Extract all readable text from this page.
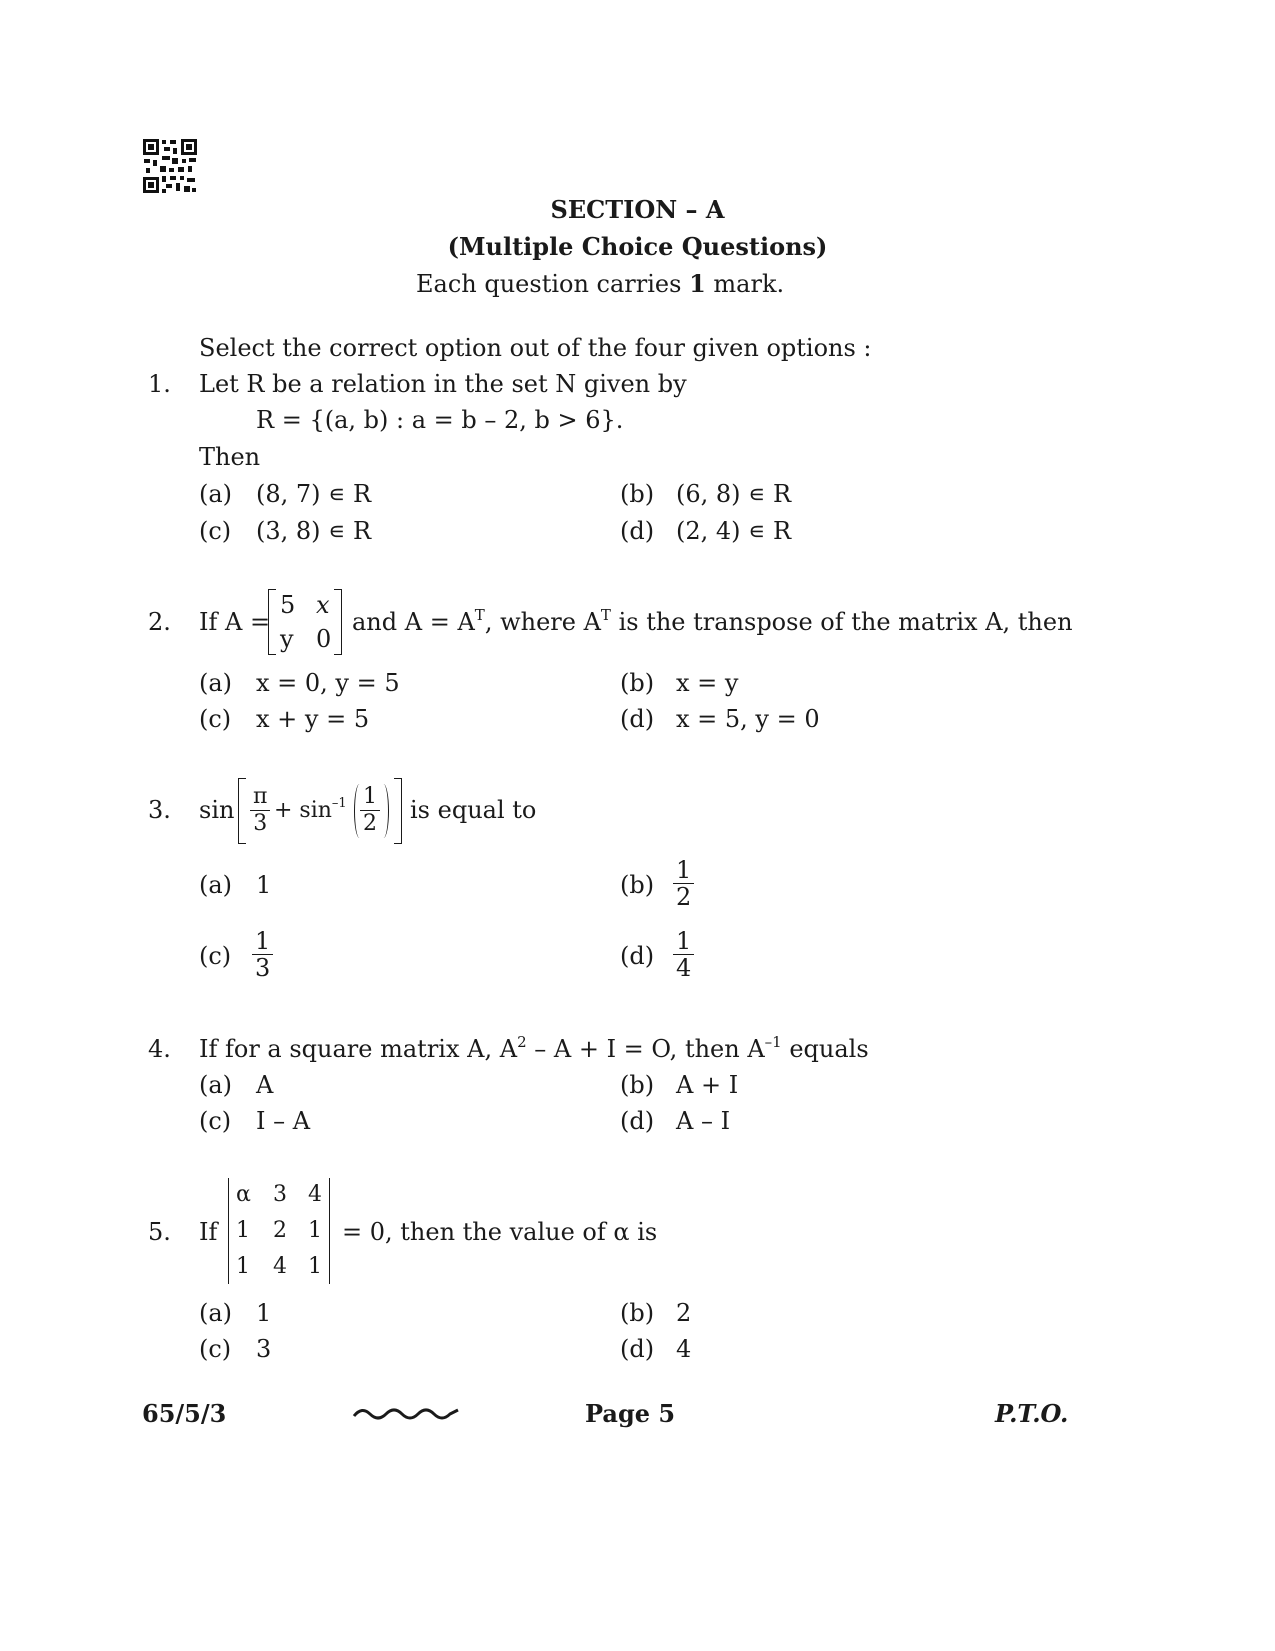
SECTION – A
(Multiple Choice Questions)
Each question carries 1 mark.
Select the correct option out of the four given options :
1. Let R be a relation in the set N given by
R = {(a, b) : a = b – 2, b > 6}.
Then
(a) (8, 7) ∊ R	(b) (6, 8) ∊ R
(c) (3, 8) ∊ R	(d) (2, 4) ∊ R
2. If A =
5 x
y 0
and $A = A^T$, where $A^T$ is the transpose of the matrix A, then
(a) x = 0, y = 5	(b) x = y
(c) x + y = 5	(d) x = 5, y = 0
3. sin π
3
+ $\sin^{-1} 1$
2 is equal to
(a) 1	(b)
1
2
(c)
1
3	(d)
1
4
4. If for a square matrix A, $A^2 - A + I = O$, then $A^{-1}$ equals
(a) A	(b) A + I
(c) I – A	(d) A – I
5. If
α 3 4
1 2 1
1 4 1
= 0, then the value of α is
(a) 1	(b) 2
(c) 3	(d) 4
65/5/3	Page 5	P.T.O.
